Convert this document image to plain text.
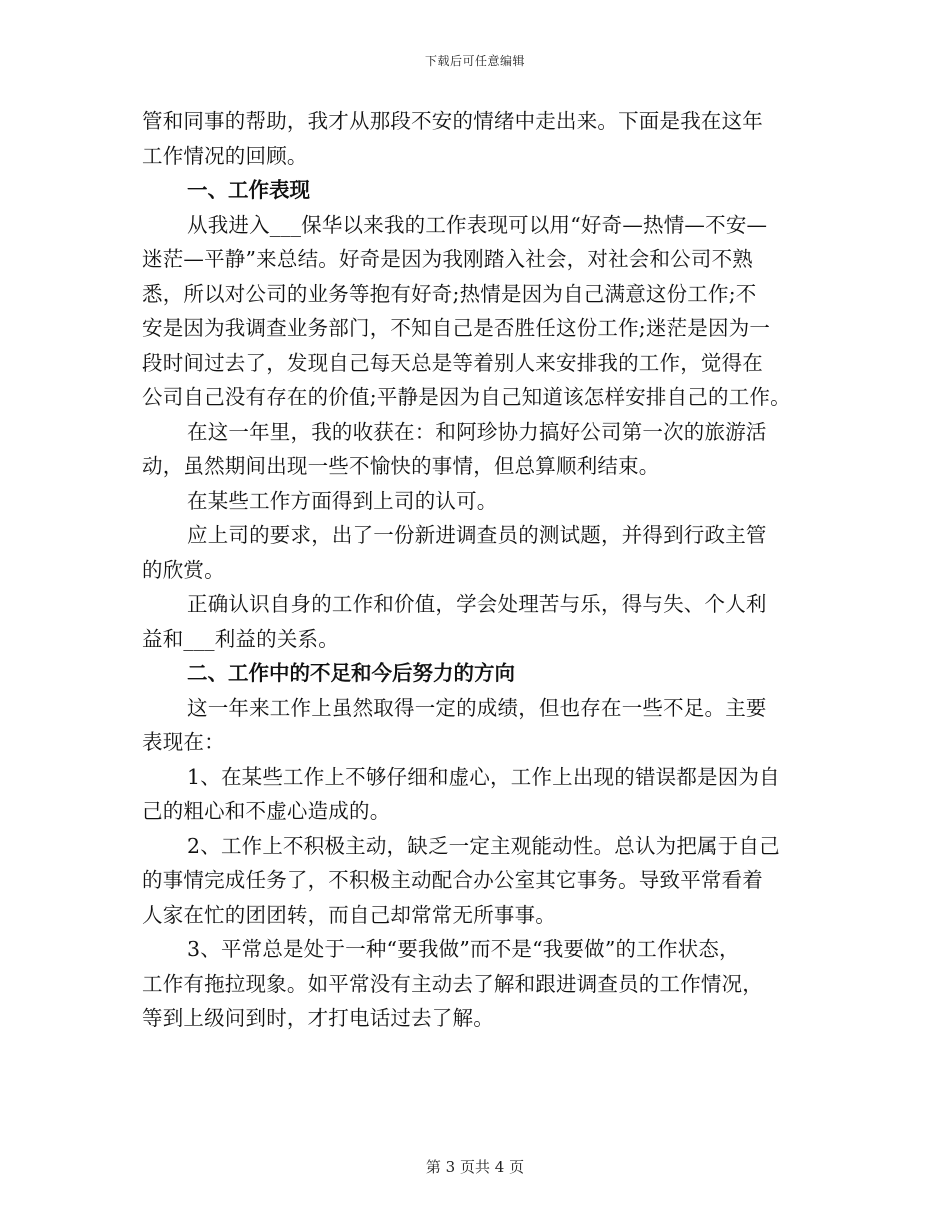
下载后可任意编辑

管和同事的帮助，我才从那段不安的情绪中走出来。下面是我在这年

工作情况的回顾。

一、工作表现

从我进入___保华以来我的工作表现可以用“好奇—热情—不安—

迷茫—平静”来总结。好奇是因为我刚踏入社会，对社会和公司不熟

悉，所以对公司的业务等抱有好奇;热情是因为自己满意这份工作;不

安是因为我调查业务部门，不知自己是否胜任这份工作;迷茫是因为一

段时间过去了，发现自己每天总是等着别人来安排我的工作，觉得在

公司自己没有存在的价值;平静是因为自己知道该怎样安排自己的工作。

在这一年里，我的收获在：和阿珍协力搞好公司第一次的旅游活

动，虽然期间出现一些不愉快的事情，但总算顺利结束。

在某些工作方面得到上司的认可。

应上司的要求，出了一份新进调查员的测试题，并得到行政主管

的欣赏。

正确认识自身的工作和价值，学会处理苦与乐，得与失、个人利

益和___利益的关系。

二、工作中的不足和今后努力的方向

这一年来工作上虽然取得一定的成绩，但也存在一些不足。主要

表现在：

1、在某些工作上不够仔细和虚心，工作上出现的错误都是因为自

己的粗心和不虚心造成的。

2、工作上不积极主动，缺乏一定主观能动性。总认为把属于自己

的事情完成任务了，不积极主动配合办公室其它事务。导致平常看着

人家在忙的团团转，而自己却常常无所事事。

3、平常总是处于一种“要我做”而不是“我要做”的工作状态，

工作有拖拉现象。如平常没有主动去了解和跟进调查员的工作情况，

等到上级问到时，才打电话过去了解。

第 3 页共 4 页
